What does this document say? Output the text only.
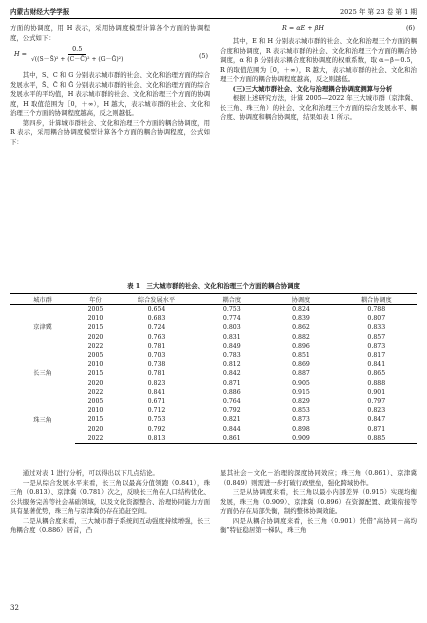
内蒙古财经大学学报	2025 年 第 23 卷 第 1 期

方面的协调度，用 H 表示，采用协调度模型计算各个方面的协调程度，公式如下：

$H = \frac{0.5}{\text{√((S－S̄)² + (C－C̄)² + (G－Ḡ)²)}}$	(5)

其中，S、C 和 G 分别表示城市群的社会、文化和治理方面的综合发展水平，S̄、C̄ 和 Ḡ 分别表示城市群的社会、文化和治理方面的综合发展水平的平均值，H 表示城市群的社会、文化和治理三个方面的协调度，H 取值范围为［0，＋∞），H 越大，表示城市群的社会、文化和治理三个方面的协调程度越高，反之则越低。

第四步，计算城市群社会、文化和治理三个方面的耦合协调度，用 R 表示，采用耦合协调度模型计算各个方面的耦合协调程度，公式如下：

R = αE + βH	(6)

其中，E 和 H 分别表示城市群的社会、文化和治理三个方面的耦合度和协调度，R 表示城市群的社会、文化和治理三个方面的耦合协调度，α 和 β 分别表示耦合度和协调度的权重系数，取 α＝β＝0.5，R 的取值范围为［0，＋∞），R 越大，表示城市群的社会、文化和治理三个方面的耦合协调程度越高，反之则越低。

(三)三大城市群社会、文化与治理耦合协调度测算与分析

根据上述研究方法，计算 2005—2022 年三大城市群（京津冀、长三角、珠三角）的社会、文化和治理三个方面的综合发展水平、耦合度、协调度和耦合协调度，结果如表 1 所示。

表 1　三大城市群的社会、文化和治理三个方面的耦合协调度
城市群	年份	综合发展水平	耦合度	协调度	耦合协调度
京津冀	2005	0.654	0.753	0.824	0.788
	2010	0.683	0.774	0.839	0.807
	2015	0.724	0.803	0.862	0.833
	2020	0.763	0.831	0.882	0.857
	2022	0.781	0.849	0.896	0.873
长三角	2005	0.703	0.783	0.851	0.817
	2010	0.738	0.812	0.869	0.841
	2015	0.781	0.842	0.887	0.865
	2020	0.823	0.871	0.905	0.888
	2022	0.841	0.886	0.915	0.901
珠三角	2005	0.671	0.764	0.829	0.797
	2010	0.712	0.792	0.853	0.823
	2015	0.753	0.821	0.873	0.847
	2020	0.792	0.844	0.898	0.871
	2022	0.813	0.861	0.909	0.885

通过对表 1 进行分析，可以得出以下几点结论。

一是从综合发展水平来看，长三角以最高分值领跑（0.841），珠三角（0.813）、京津冀（0.781）次之，反映长三角在人口结构优化、公共服务完善等社会基础领域，以及文化资源整合、治理协同能力方面具有显著优势，珠三角与京津冀仍存在追赶空间。

二是从耦合度来看，三大城市群子系统间互动强度持续增强，长三角耦合度（0.886）居首，凸

显其社会－文化－治理的深度协同效应；珠三角（0.861）、京津冀（0.849）则需进一步打破行政壁垒，强化跨域协作。

三是从协调度来看，长三角以最小内部差异（0.915）实现均衡发展，珠三角（0.909）、京津冀（0.896）在资源配置、政策衔接等方面仍存在局部失衡，制约整体协调效能。

四是从耦合协调度来看，长三角（0.901）凭借“高协同－高均衡”特征稳居第一梯队，珠三角

32
